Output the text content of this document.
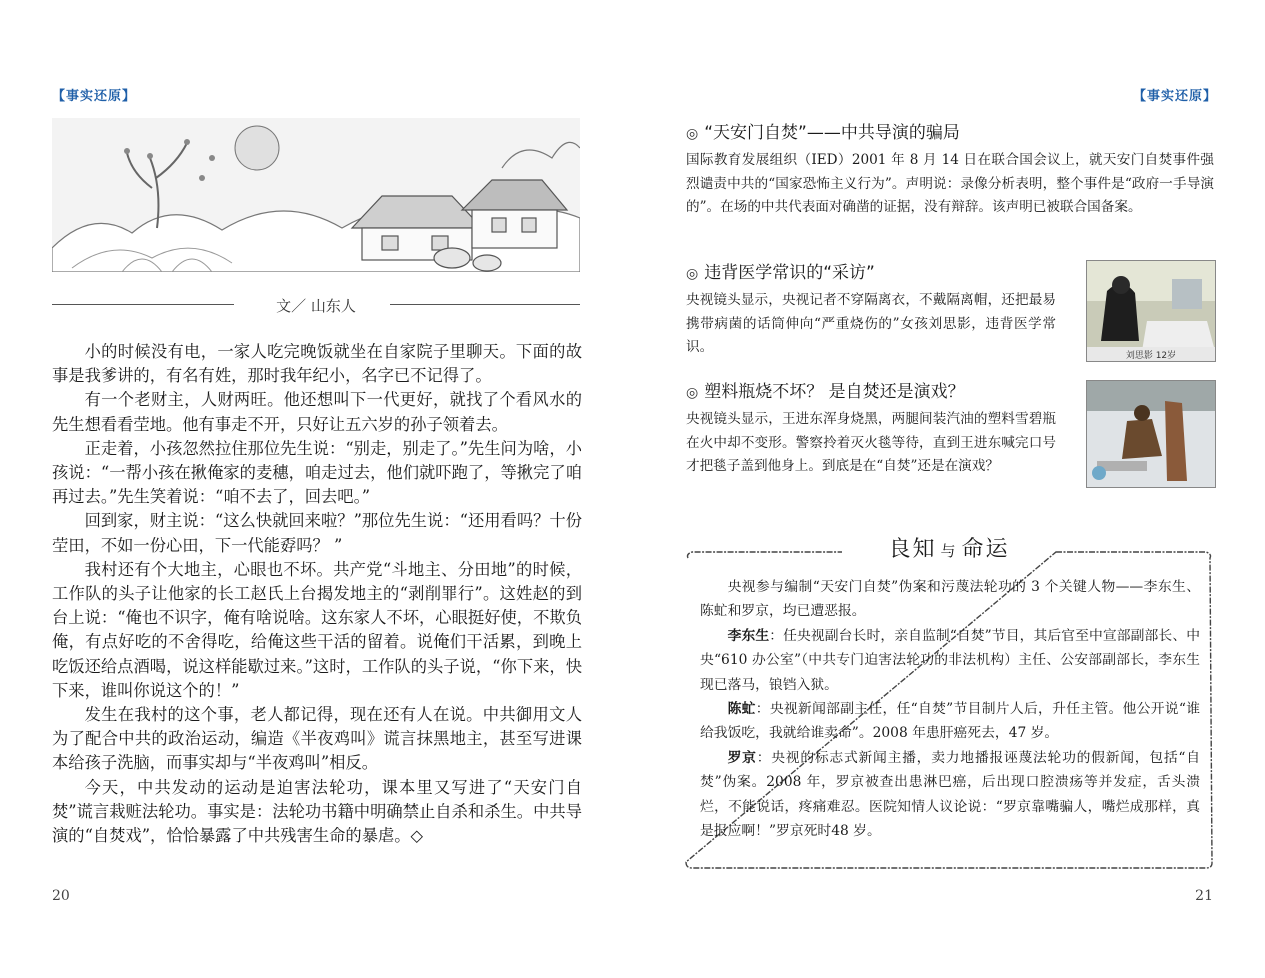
【事实还原】
文／ 山东人

小的时候没有电，一家人吃完晚饭就坐在自家院子里聊天。下面的故事是我爹讲的，有名有姓，那时我年纪小，名字已不记得了。

有一个老财主，人财两旺。他还想叫下一代更好，就找了个看风水的先生想看看茔地。他有事走不开，只好让五六岁的孙子领着去。

正走着，小孩忽然拉住那位先生说：“别走，别走了。”先生问为啥，小孩说：“一帮小孩在揪俺家的麦穗，咱走过去，他们就吓跑了，等揪完了咱再过去。”先生笑着说：“咱不去了，回去吧。”

回到家，财主说：“这么快就回来啦？”那位先生说：“还用看吗？十份茔田，不如一份心田，下一代能孬吗？ ”

我村还有个大地主，心眼也不坏。共产党“斗地主、分田地”的时候，工作队的头子让他家的长工赵氏上台揭发地主的“剥削罪行”。这姓赵的到台上说：“俺也不识字，俺有啥说啥。这东家人不坏，心眼挺好使，不欺负俺，有点好吃的不舍得吃，给俺这些干活的留着。说俺们干活累，到晚上吃饭还给点酒喝，说这样能歇过来。”这时，工作队的头子说，“你下来，快下来，谁叫你说这个的！”

发生在我村的这个事，老人都记得，现在还有人在说。中共御用文人为了配合中共的政治运动，编造《半夜鸡叫》谎言抹黑地主，甚至写进课本给孩子洗脑，而事实却与“半夜鸡叫”相反。

今天，中共发动的运动是迫害法轮功，课本里又写进了“天安门自焚”谎言栽赃法轮功。事实是：法轮功书籍中明确禁止自杀和杀生。中共导演的“自焚戏”，恰恰暴露了中共残害生命的暴虐。◇

20
【事实还原】
◎ “天安门自焚”——中共导演的骗局
国际教育发展组织（IED）2001 年 8 月 14 日在联合国会议上，就天安门自焚事件强烈谴责中共的“国家恐怖主义行为”。声明说：录像分析表明，整个事件是“政府一手导演的”。在场的中共代表面对确凿的证据，没有辩辞。该声明已被联合国备案。
◎ 违背医学常识的“采访”
央视镜头显示，央视记者不穿隔离衣，不戴隔离帽，还把最易携带病菌的话筒伸向“严重烧伤的”女孩刘思影，违背医学常识。
刘思影 12岁
◎ 塑料瓶烧不坏？ 是自焚还是演戏？
央视镜头显示，王进东浑身烧黑，两腿间装汽油的塑料雪碧瓶在火中却不变形。警察拎着灭火毯等待，直到王进东喊完口号才把毯子盖到他身上。到底是在“自焚”还是在演戏？
良知 与 命运

央视参与编制“天安门自焚”伪案和污蔑法轮功的 3 个关键人物——李东生、陈虻和罗京，均已遭恶报。

李东生：任央视副台长时，亲自监制“自焚”节目，其后官至中宣部副部长、中央“610 办公室”（中共专门迫害法轮功的非法机构）主任、公安部副部长，李东生现已落马，锒铛入狱。

陈虻：央视新闻部副主任，任“自焚”节目制片人后，升任主管。他公开说“谁给我饭吃，我就给谁卖命”。2008 年患肝癌死去，47 岁。

罗京：央视的标志式新闻主播，卖力地播报诬蔑法轮功的假新闻，包括“自焚”伪案。2008 年，罗京被查出患淋巴癌，后出现口腔溃疡等并发症，舌头溃烂，不能说话，疼痛难忍。医院知情人议论说：“罗京靠嘴骗人，嘴烂成那样，真是报应啊！”罗京死时48 岁。

21
